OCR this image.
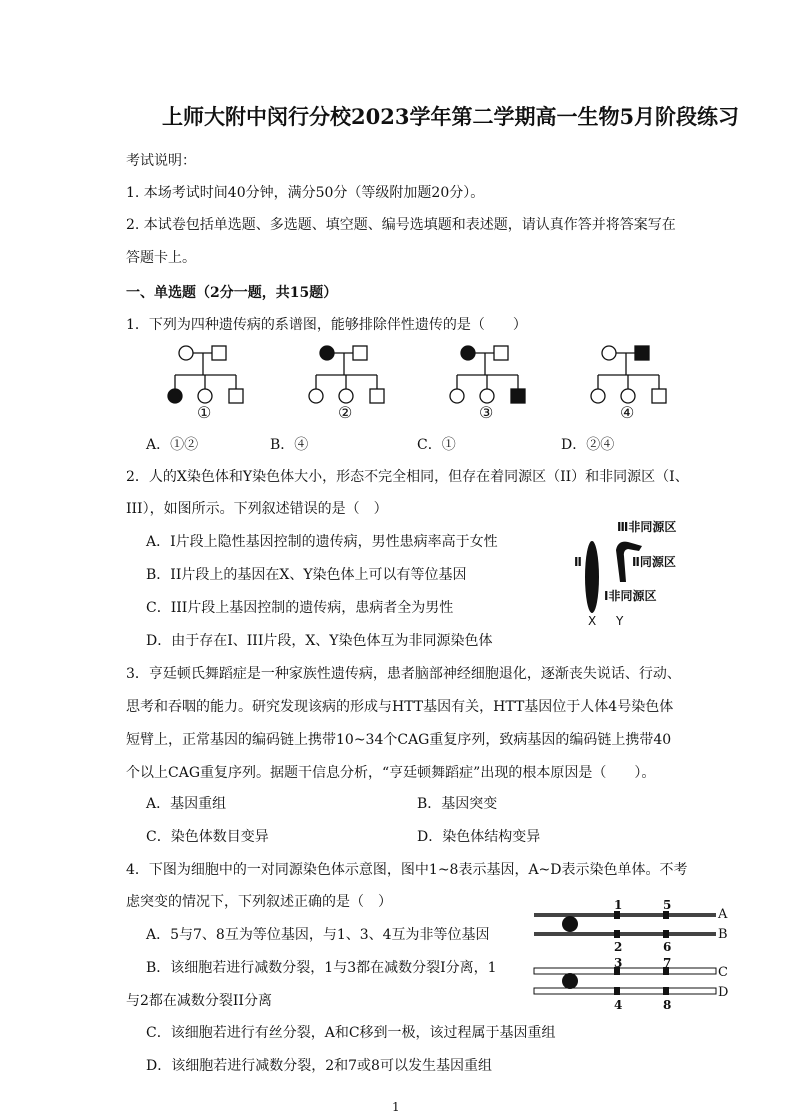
上师大附中闵行分校2023学年第二学期高一生物5月阶段练习
考试说明：
1. 本场考试时间40分钟，满分50分（等级附加题20分）。
2. 本试卷包括单选题、多选题、填空题、编号选填题和表述题，请认真作答并将答案写在
答题卡上。
一、单选题（2分一题，共15题）
1．下列为四种遗传病的系谱图，能够排除伴性遗传的是（　　）
①	②	③	④
A．①②	B．④	C．①	D．②④
2．人的X染色体和Y染色体大小，形态不完全相同，但存在着同源区（II）和非同源区（I、
III），如图所示。下列叙述错误的是（　）
A．I片段上隐性基因控制的遗传病，男性患病率高于女性
B．II片段上的基因在X、Y染色体上可以有等位基因
C．III片段上基因控制的遗传病，患病者全为男性
D．由于存在I、III片段，X、Y染色体互为非同源染色体
Ⅲ非同源区
Ⅱ同源区
Ⅰ非同源区
Ⅱ
X Y
3．亨廷顿氏舞蹈症是一种家族性遗传病，患者脑部神经细胞退化，逐渐丧失说话、行动、
思考和吞咽的能力。研究发现该病的形成与HTT基因有关，HTT基因位于人体4号染色体
短臂上，正常基因的编码链上携带10~34个CAG重复序列，致病基因的编码链上携带40
个以上CAG重复序列。据题干信息分析，“亨廷顿舞蹈症”出现的根本原因是（　　）。
A．基因重组	B．基因突变
C．染色体数目变异	D．染色体结构变异
4．下图为细胞中的一对同源染色体示意图，图中1~8表示基因，A~D表示染色单体。不考
虑突变的情况下，下列叙述正确的是（　）
A．5与7、8互为等位基因，与1、3、4互为非等位基因
B．该细胞若进行减数分裂，1与3都在减数分裂I分离，1
与2都在减数分裂II分离
C．该细胞若进行有丝分裂，A和C移到一极，该过程属于基因重组
D．该细胞若进行减数分裂，2和7或8可以发生基因重组
1	5
2	6
3	7
4	8
A
B
C
D
1
